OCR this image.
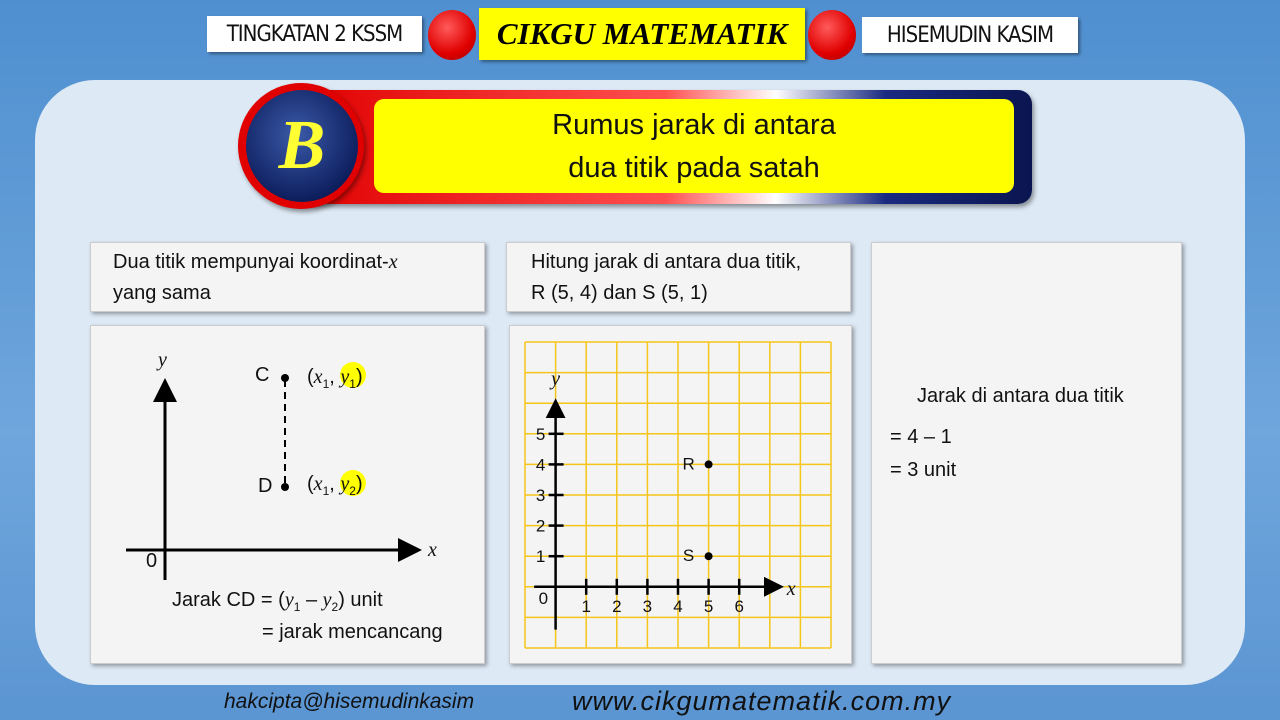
TINGKATAN 2 KSSM	CIKGU MATEMATIK	HISEMUDIN KASIM
Rumus jarak di antara
dua titik pada satah
B
Dua titik mempunyai koordinat-x
yang sama
Hitung jarak di antara dua titik,
R (5, 4) dan S (5, 1)
Jarak di antara dua titik
= 4 – 1
= 3 unit
1 2 3 4 5 6
1
2
3
4
5
0	x
y
R
S
y
x
0
C
D
($x_1$, $y_1$)
($x_1$, $y_2$)
Jarak CD = $(y_1 - y_2)$ unit
= jarak mencancang
hakcipta@hisemudinkasim	www.cikgumatematik.com.my
